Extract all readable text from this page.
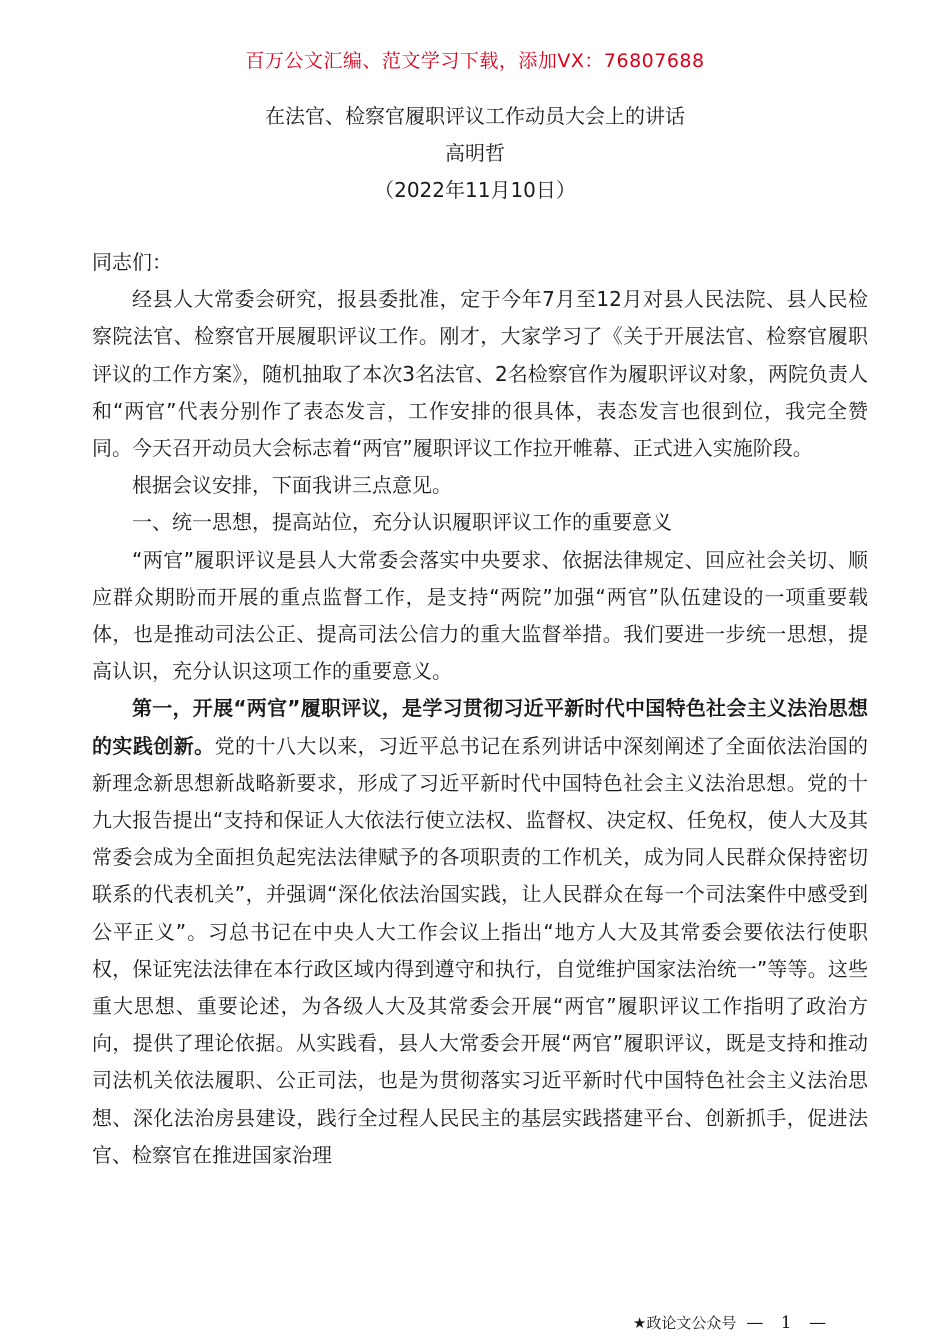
百万公文汇编、范文学习下载，添加VX：76807688
在法官、检察官履职评议工作动员大会上的讲话
高明哲
（2022年11月10日）

同志们：

经县人大常委会研究，报县委批准，定于今年7月至12月对县人民法院、县人民检察院法官、检察官开展履职评议工作。刚才，大家学习了《关于开展法官、检察官履职评议的工作方案》，随机抽取了本次3名法官、2名检察官作为履职评议对象，两院负责人和“两官”代表分别作了表态发言，工作安排的很具体，表态发言也很到位，我完全赞同。今天召开动员大会标志着“两官”履职评议工作拉开帷幕、正式进入实施阶段。

根据会议安排，下面我讲三点意见。

一、统一思想，提高站位，充分认识履职评议工作的重要意义

“两官”履职评议是县人大常委会落实中央要求、依据法律规定、回应社会关切、顺应群众期盼而开展的重点监督工作，是支持“两院”加强“两官”队伍建设的一项重要载体，也是推动司法公正、提高司法公信力的重大监督举措。我们要进一步统一思想，提高认识，充分认识这项工作的重要意义。

第一，开展“两官”履职评议，是学习贯彻习近平新时代中国特色社会主义法治思想的实践创新。党的十八大以来，习近平总书记在系列讲话中深刻阐述了全面依法治国的新理念新思想新战略新要求，形成了习近平新时代中国特色社会主义法治思想。党的十九大报告提出“支持和保证人大依法行使立法权、监督权、决定权、任免权，使人大及其常委会成为全面担负起宪法法律赋予的各项职责的工作机关，成为同人民群众保持密切联系的代表机关”，并强调“深化依法治国实践，让人民群众在每一个司法案件中感受到公平正义”。习总书记在中央人大工作会议上指出“地方人大及其常委会要依法行使职权，保证宪法法律在本行政区域内得到遵守和执行，自觉维护国家法治统一”等等。这些重大思想、重要论述，为各级人大及其常委会开展“两官”履职评议工作指明了政治方向，提供了理论依据。从实践看，县人大常委会开展“两官”履职评议，既是支持和推动司法机关依法履职、公正司法，也是为贯彻落实习近平新时代中国特色社会主义法治思想、深化法治房县建设，践行全过程人民民主的基层实践搭建平台、创新抓手，促进法官、检察官在推进国家治理

★政论文公众号 — 1 —
